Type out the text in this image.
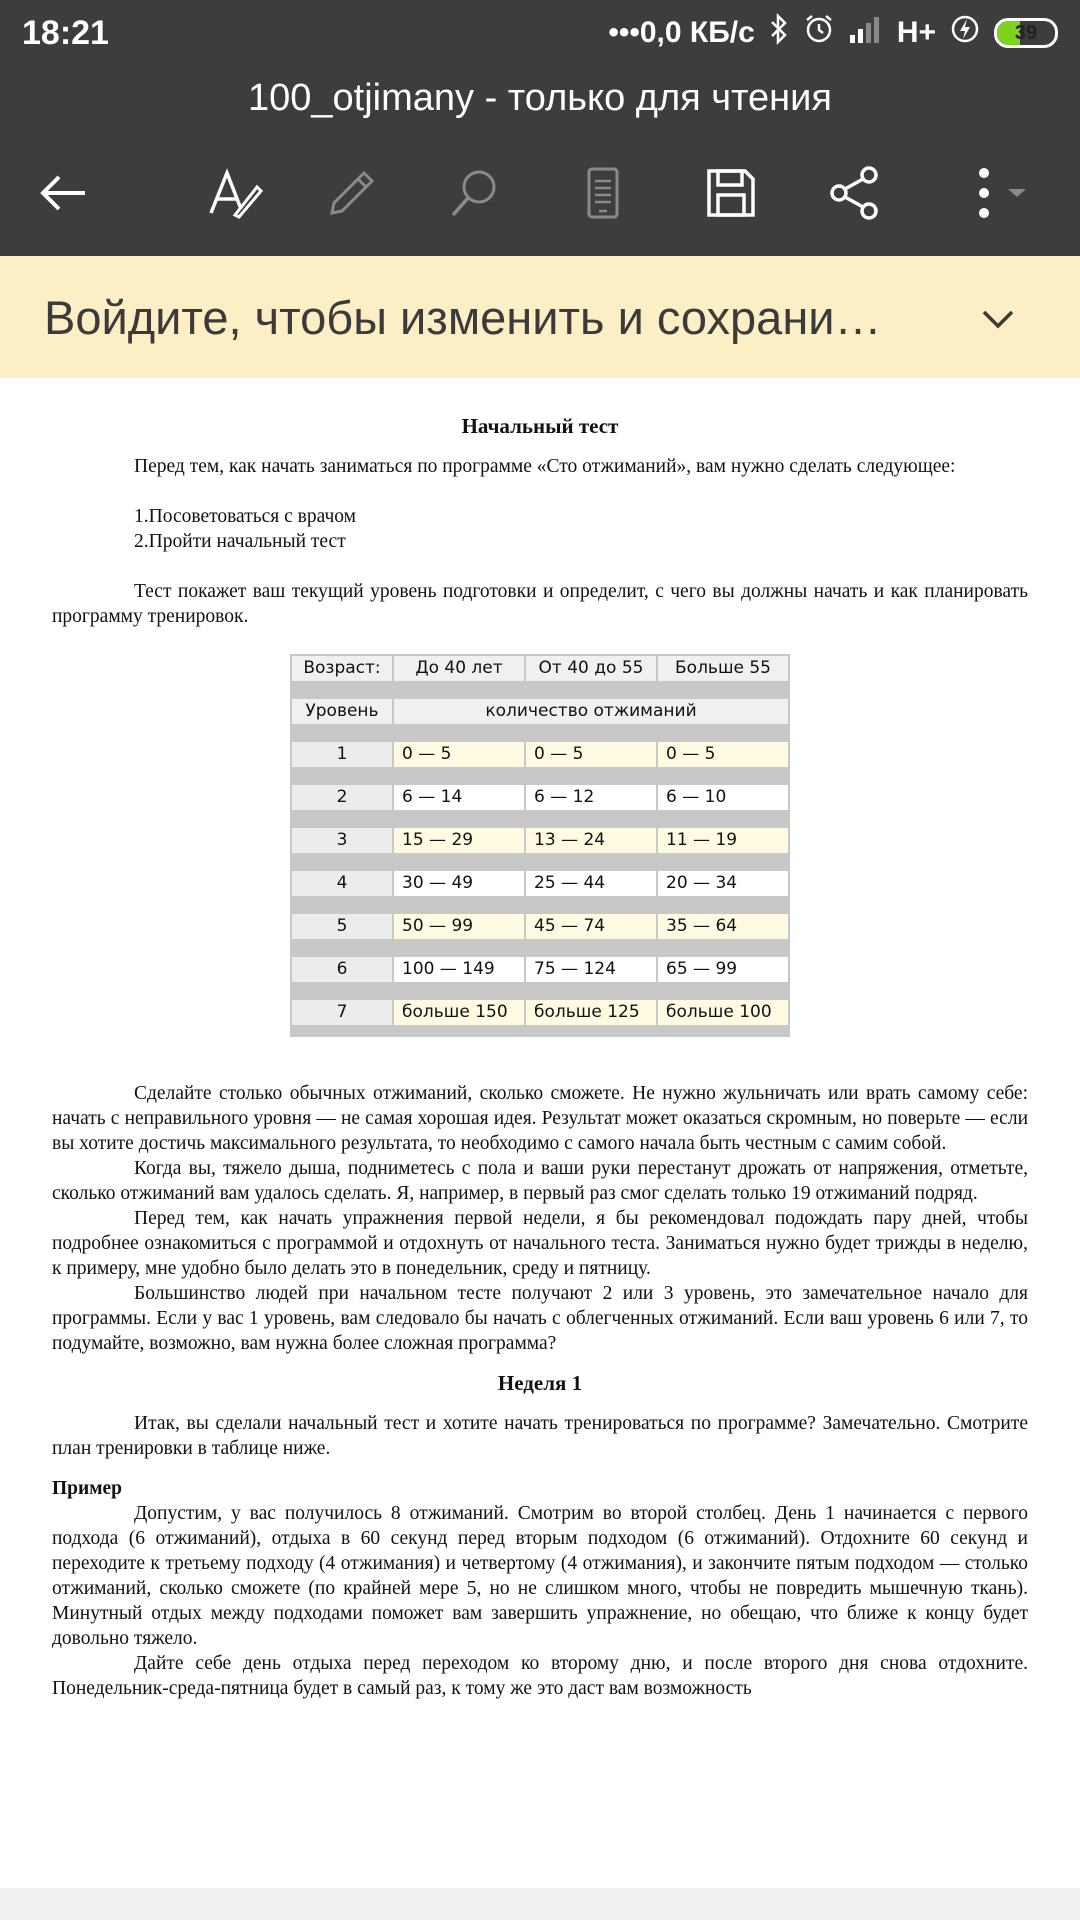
18:21	•••0,0 КБ/с	H+	39
100_otjimany - только для чтения
Войдите, чтобы изменить и сохрани…
Начальный тест

Перед тем, как начать заниматься по программе «Сто отжиманий», вам нужно сделать следующее:

1.Посоветоваться с врачом

2.Пройти начальный тест

Тест покажет ваш текущий уровень подготовки и определит, с чего вы должны начать и как планировать программу тренировок.

Возраст:	До 40 лет	От 40 до 55	Больше 55

Уровень	количество отжиманий		

1	0 — 5	0 — 5	0 — 5

2	6 — 14	6 — 12	6 — 10

3	15 — 29	13 — 24	11 — 19

4	30 — 49	25 — 44	20 — 34

5	50 — 99	45 — 74	35 — 64

6	100 — 149	75 — 124	65 — 99

7	больше 150	больше 125	больше 100

Сделайте столько обычных отжиманий, сколько сможете. Не нужно жульничать или врать самому себе: начать с неправильного уровня — не самая хорошая идея. Результат может оказаться скромным, но поверьте — если вы хотите достичь максимального результата, то необходимо с самого начала быть честным с самим собой.

Когда вы, тяжело дыша, подниметесь с пола и ваши руки перестанут дрожать от напряжения, отметьте, сколько отжиманий вам удалось сделать. Я, например, в первый раз смог сделать только 19 отжиманий подряд.

Перед тем, как начать упражнения первой недели, я бы рекомендовал подождать пару дней, чтобы подробнее ознакомиться с программой и отдохнуть от начального теста. Заниматься нужно будет трижды в неделю, к примеру, мне удобно было делать это в понедельник, среду и пятницу.

Большинство людей при начальном тесте получают 2 или 3 уровень, это замечательное начало для программы. Если у вас 1 уровень, вам следовало бы начать с облегченных отжиманий. Если ваш уровень 6 или 7, то подумайте, возможно, вам нужна более сложная программа?

Неделя 1

Итак, вы сделали начальный тест и хотите начать тренироваться по программе? Замечательно. Смотрите план тренировки в таблице ниже.

Пример

Допустим, у вас получилось 8 отжиманий. Смотрим во второй столбец. День 1 начинается с первого подхода (6 отжиманий), отдыха в 60 секунд перед вторым подходом (6 отжиманий). Отдохните 60 секунд и переходите к третьему подходу (4 отжимания) и четвертому (4 отжимания), и закончите пятым подходом — столько отжиманий, сколько сможете (по крайней мере 5, но не слишком много, чтобы не повредить мышечную ткань). Минутный отдых между подходами поможет вам завершить упражнение, но обещаю, что ближе к концу будет довольно тяжело.

Дайте себе день отдыха перед переходом ко второму дню, и после второго дня снова отдохните. Понедельник-среда-пятница будет в самый раз, к тому же это даст вам возможность
